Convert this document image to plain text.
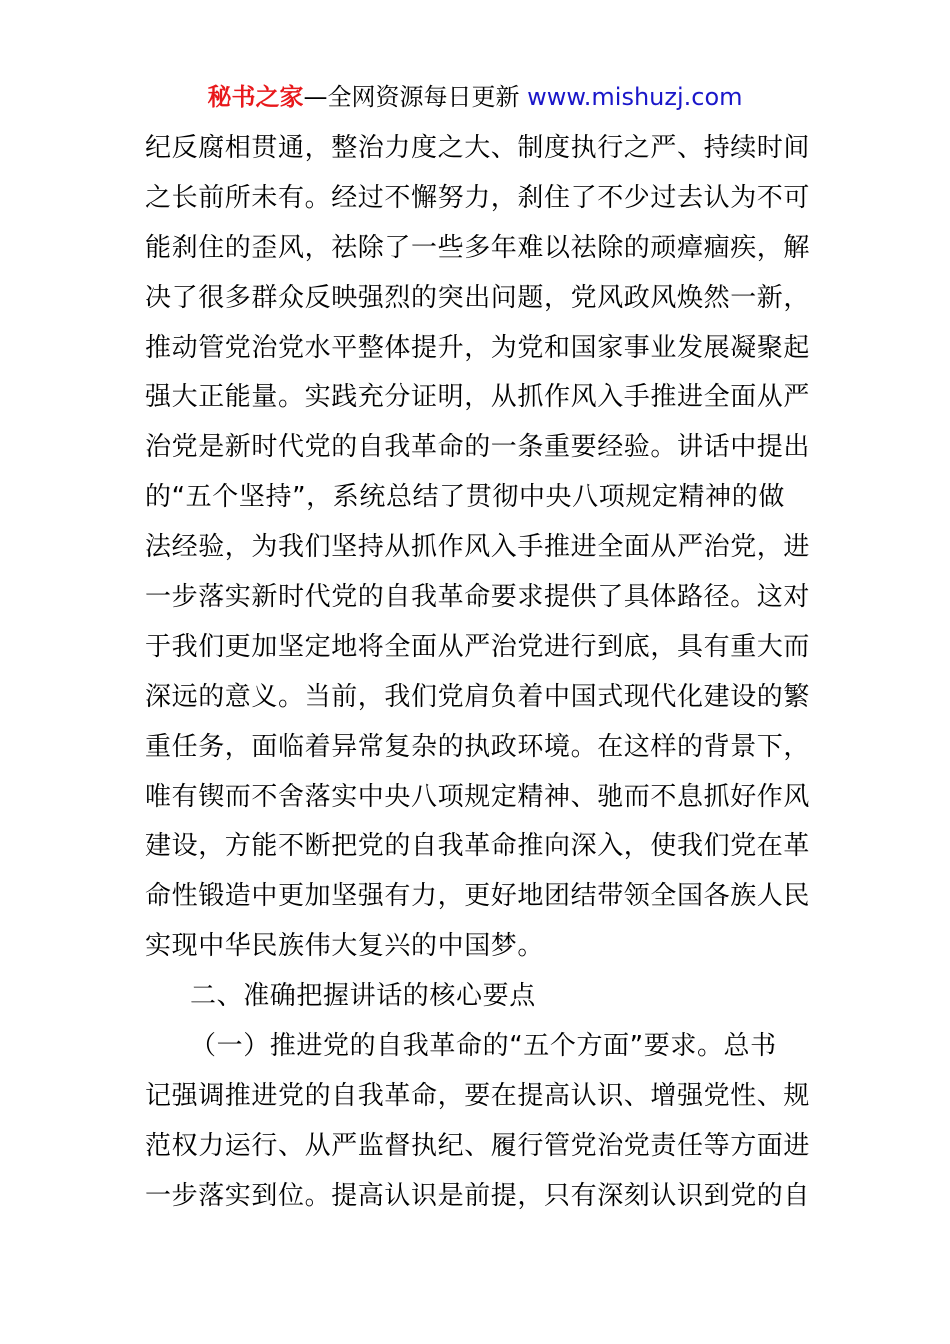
秘书之家—全网资源每日更新 www.mishuzj.com
纪反腐相贯通，整治力度之大、制度执行之严、持续时间
之长前所未有。经过不懈努力，刹住了不少过去认为不可
能刹住的歪风，祛除了一些多年难以祛除的顽瘴痼疾，解
决了很多群众反映强烈的突出问题，党风政风焕然一新，
推动管党治党水平整体提升，为党和国家事业发展凝聚起
强大正能量。实践充分证明，从抓作风入手推进全面从严
治党是新时代党的自我革命的一条重要经验。讲话中提出
的“五个坚持”，系统总结了贯彻中央八项规定精神的做
法经验，为我们坚持从抓作风入手推进全面从严治党，进
一步落实新时代党的自我革命要求提供了具体路径。这对
于我们更加坚定地将全面从严治党进行到底，具有重大而
深远的意义。当前，我们党肩负着中国式现代化建设的繁
重任务，面临着异常复杂的执政环境。在这样的背景下，
唯有锲而不舍落实中央八项规定精神、驰而不息抓好作风
建设，方能不断把党的自我革命推向深入，使我们党在革
命性锻造中更加坚强有力，更好地团结带领全国各族人民
实现中华民族伟大复兴的中国梦。
二、准确把握讲话的核心要点
（一）推进党的自我革命的“五个方面”要求。总书
记强调推进党的自我革命，要在提高认识、增强党性、规
范权力运行、从严监督执纪、履行管党治党责任等方面进
一步落实到位。提高认识是前提，只有深刻认识到党的自
